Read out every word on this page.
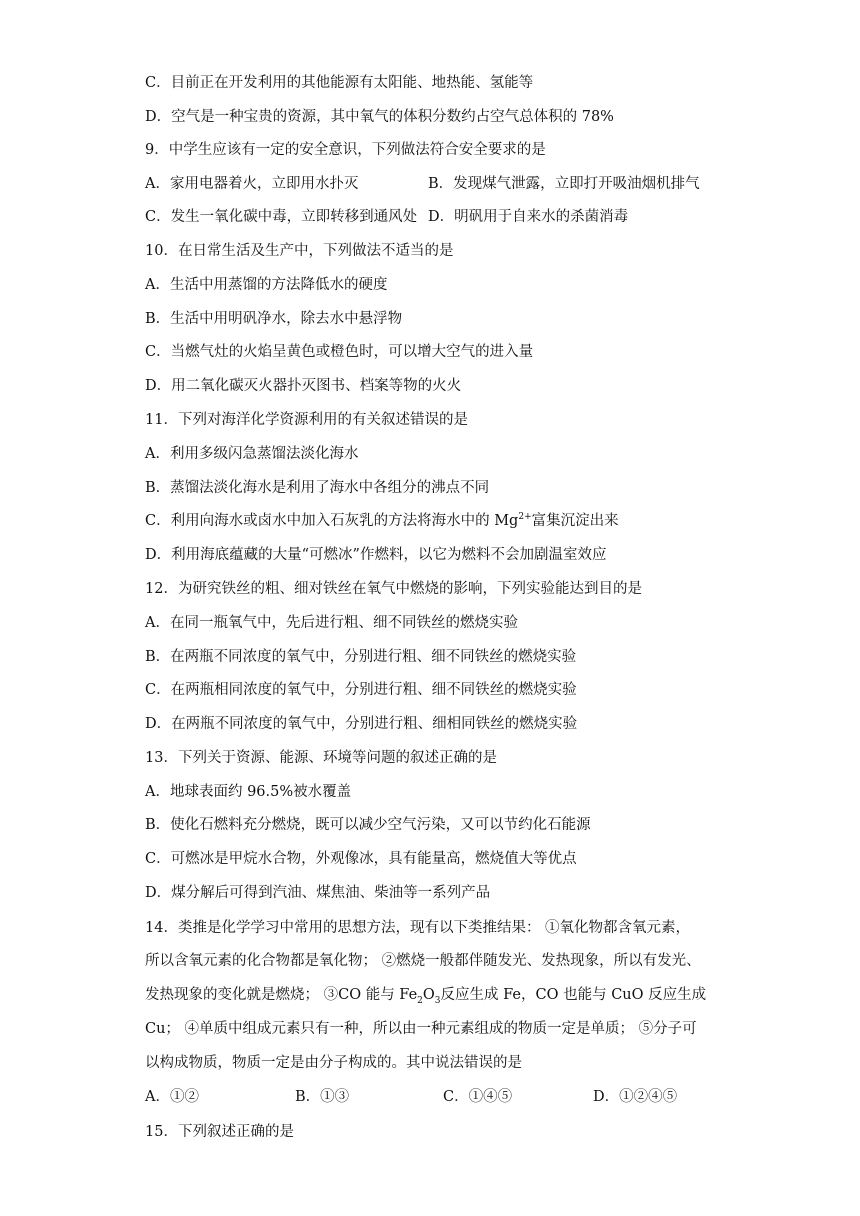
C．目前正在开发利用的其他能源有太阳能、地热能、氢能等
D．空气是一种宝贵的资源，其中氧气的体积分数约占空气总体积的 78%
9．中学生应该有一定的安全意识，下列做法符合安全要求的是
A．家用电器着火，立即用水扑灭	B．发现煤气泄露，立即打开吸油烟机排气
C．发生一氧化碳中毒，立即转移到通风处 D．明矾用于自来水的杀菌消毒
10．在日常生活及生产中，下列做法不适当的是
A．生活中用蒸馏的方法降低水的硬度
B．生活中用明矾净水，除去水中悬浮物
C．当燃气灶的火焰呈黄色或橙色时，可以增大空气的进入量
D．用二氧化碳灭火器扑灭图书、档案等物的火火
11．下列对海洋化学资源利用的有关叙述错误的是
A．利用多级闪急蒸馏法淡化海水
B．蒸馏法淡化海水是利用了海水中各组分的沸点不同
C．利用向海水或卤水中加入石灰乳的方法将海水中的 $Mg^{2+}$富集沉淀出来
D．利用海底蕴藏的大量“可燃冰”作燃料，以它为燃料不会加剧温室效应
12．为研究铁丝的粗、细对铁丝在氧气中燃烧的影响，下列实验能达到目的是
A．在同一瓶氧气中，先后进行粗、细不同铁丝的燃烧实验
B．在两瓶不同浓度的氧气中，分别进行粗、细不同铁丝的燃烧实验
C．在两瓶相同浓度的氧气中，分别进行粗、细不同铁丝的燃烧实验
D．在两瓶不同浓度的氧气中，分别进行粗、细相同铁丝的燃烧实验
13．下列关于资源、能源、环境等问题的叙述正确的是
A．地球表面约 96.5%被水覆盖
B．使化石燃料充分燃烧，既可以减少空气污染，又可以节约化石能源
C．可燃冰是甲烷水合物，外观像冰，具有能量高，燃烧值大等优点
D．煤分解后可得到汽油、煤焦油、柴油等一系列产品
14．类推是化学学习中常用的思想方法，现有以下类推结果： ①氧化物都含氧元素，
所以含氧元素的化合物都是氧化物； ②燃烧一般都伴随发光、发热现象，所以有发光、
发热现象的变化就是燃烧； ③CO 能与 $Fe_2O_3$反应生成 Fe，CO 也能与 CuO 反应生成
Cu； ④单质中组成元素只有一种，所以由一种元素组成的物质一定是单质； ⑤分子可
以构成物质，物质一定是由分子构成的。其中说法错误的是
A．①②	B．①③	C．①④⑤	D．①②④⑤
15．下列叙述正确的是
